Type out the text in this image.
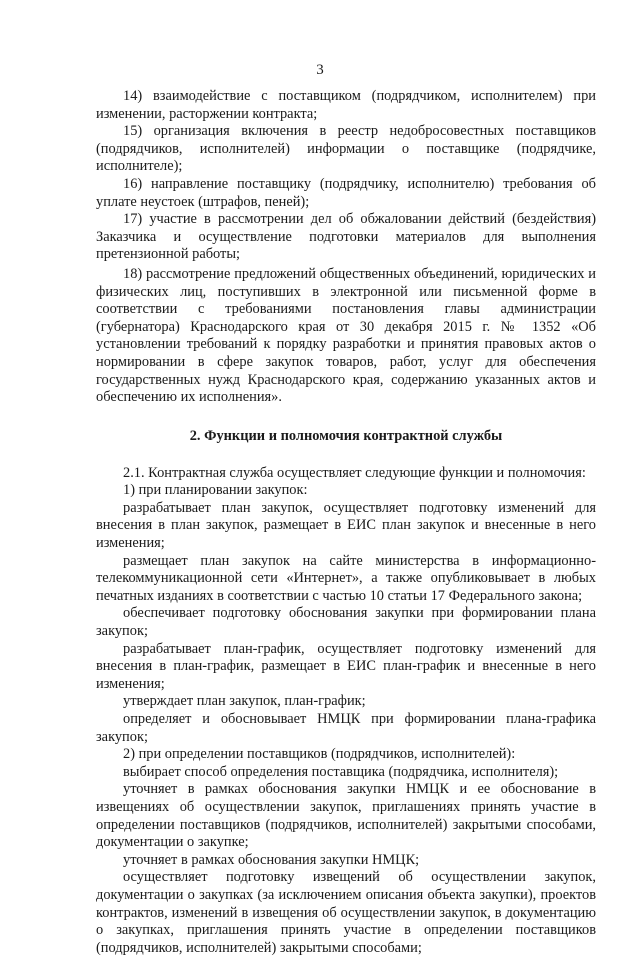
3

14) взаимодействие с поставщиком (подрядчиком, исполнителем) при изменении, расторжении контракта;

15) организация включения в реестр недобросовестных поставщиков (подрядчиков, исполнителей) информации о поставщике (подрядчике, исполнителе);

16) направление поставщику (подрядчику, исполнителю) требования об уплате неустоек (штрафов, пеней);

17) участие в рассмотрении дел об обжаловании действий (бездействия) Заказчика и осуществление подготовки материалов для выполнения претензионной работы;

18) рассмотрение предложений общественных объединений, юридических и физических лиц, поступивших в электронной или письменной форме в соответствии с требованиями постановления главы администрации (губернатора) Краснодарского края от 30 декабря 2015 г. № 1352 «Об установлении требований к порядку разработки и принятия правовых актов о нормировании в сфере закупок товаров, работ, услуг для обеспечения государственных нужд Краснодарского края, содержанию указанных актов и обеспечению их исполнения».

2. Функции и полномочия контрактной службы

2.1. Контрактная служба осуществляет следующие функции и полномочия:

1) при планировании закупок:

разрабатывает план закупок, осуществляет подготовку изменений для внесения в план закупок, размещает в ЕИС план закупок и внесенные в него изменения;

размещает план закупок на сайте министерства в информационно-телекоммуникационной сети «Интернет», а также опубликовывает в любых печатных изданиях в соответствии с частью 10 статьи 17 Федерального закона;

обеспечивает подготовку обоснования закупки при формировании плана закупок;

разрабатывает план-график, осуществляет подготовку изменений для внесения в план-график, размещает в ЕИС план-график и внесенные в него изменения;

утверждает план закупок, план-график;

определяет и обосновывает НМЦК при формировании плана-графика закупок;

2) при определении поставщиков (подрядчиков, исполнителей):

выбирает способ определения поставщика (подрядчика, исполнителя);

уточняет в рамках обоснования закупки НМЦК и ее обоснование в извещениях об осуществлении закупок, приглашениях принять участие в определении поставщиков (подрядчиков, исполнителей) закрытыми способами, документации о закупке;

уточняет в рамках обоснования закупки НМЦК;

осуществляет подготовку извещений об осуществлении закупок, документации о закупках (за исключением описания объекта закупки), проектов контрактов, изменений в извещения об осуществлении закупок, в документацию о закупках, приглашения принять участие в определении поставщиков (подрядчиков, исполнителей) закрытыми способами;
